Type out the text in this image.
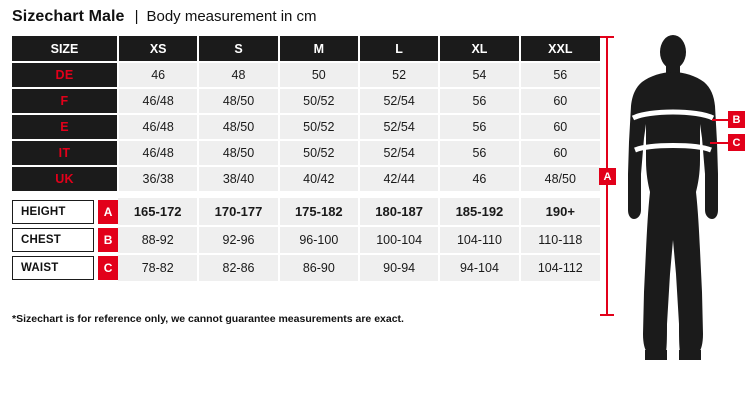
Sizechart Male | Body measurement in cm
SIZE	XS	S	M	L	XL	XXL
DE	46	48	50	52	54	56
F	46/48	48/50	50/52	52/54	56	60
E	46/48	48/50	50/52	52/54	56	60
IT	46/48	48/50	50/52	52/54	56	60
UK	36/38	38/40	40/42	42/44	46	48/50

HEIGHT A	165-172	170-177	175-182	180-187	185-192	190+

CHEST B	88-92	92-96	96-100	100-104	104-110	110-118

WAIST C	78-82	82-86	86-90	90-94	94-104	104-112
*Sizechart is for reference only, we cannot guarantee measurements are exact.
B
C
A
